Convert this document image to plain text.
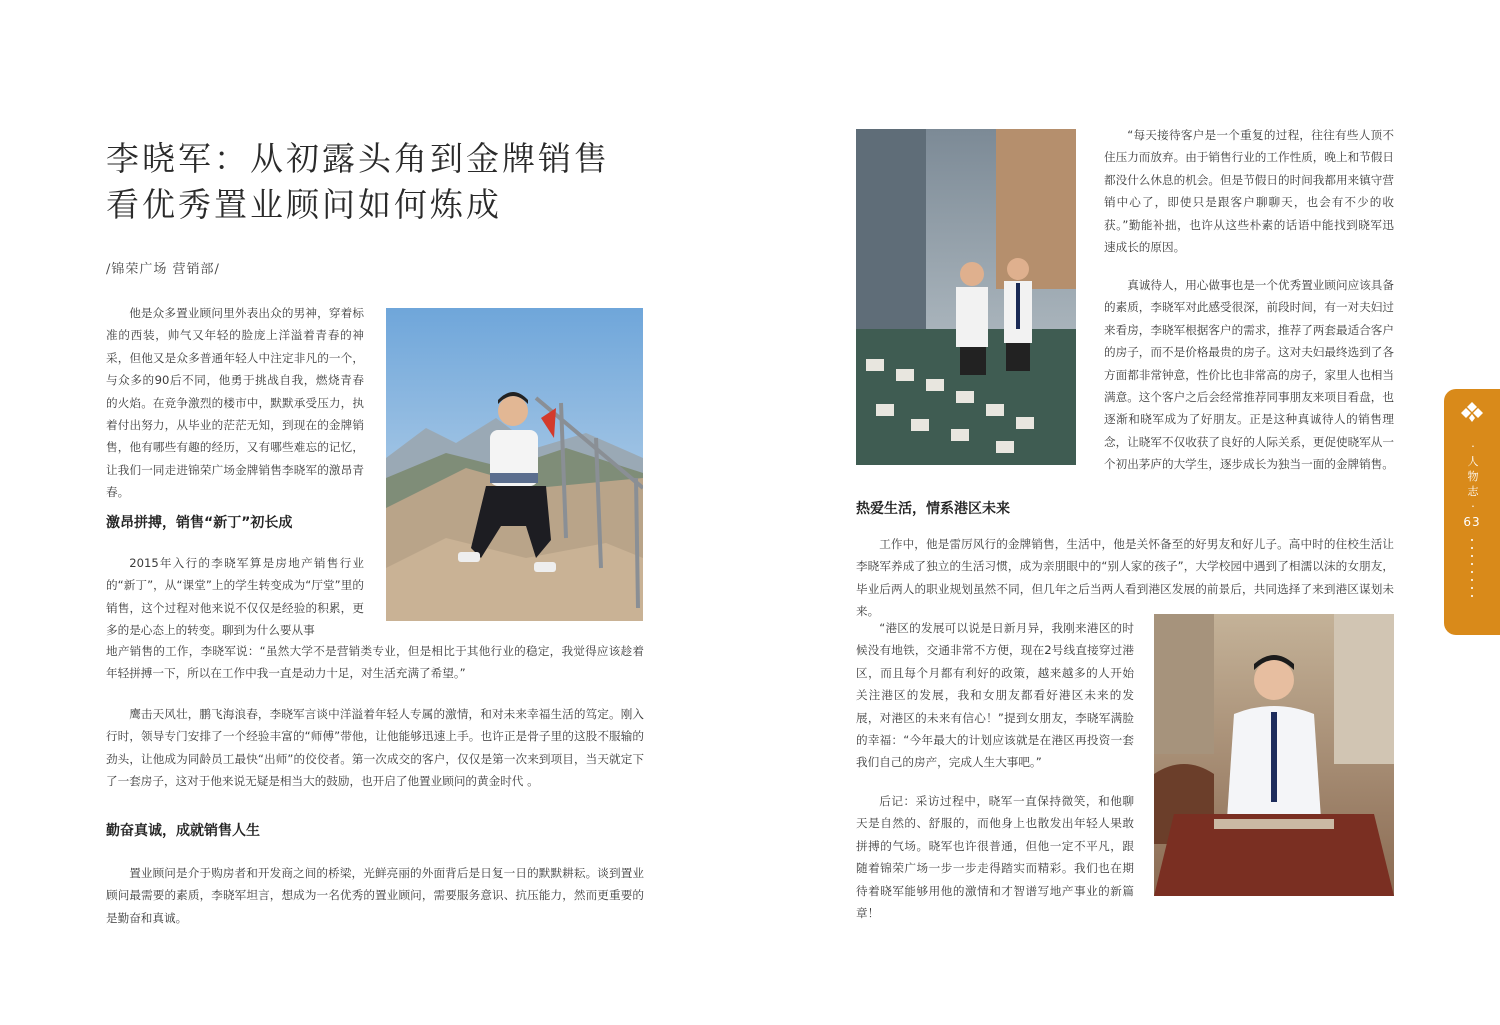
李晓军：从初露头角到金牌销售
看优秀置业顾问如何炼成
/锦荣广场 营销部/

他是众多置业顾问里外表出众的男神，穿着标准的西装，帅气又年轻的脸庞上洋溢着青春的神采，但他又是众多普通年轻人中注定非凡的一个，与众多的90后不同，他勇于挑战自我，燃烧青春的火焰。在竞争激烈的楼市中，默默承受压力，执着付出努力，从毕业的茫茫无知，到现在的金牌销售，他有哪些有趣的经历，又有哪些难忘的记忆，让我们一同走进锦荣广场金牌销售李晓军的激昂青春。

激昂拼搏，销售“新丁”初长成

2015年入行的李晓军算是房地产销售行业的“新丁”，从“课堂”上的学生转变成为“厅堂”里的销售，这个过程对他来说不仅仅是经验的积累，更多的是心态上的转变。聊到为什么要从事

地产销售的工作，李晓军说：“虽然大学不是营销类专业，但是相比于其他行业的稳定，我觉得应该趁着年轻拼搏一下，所以在工作中我一直是动力十足，对生活充满了希望。”

鹰击天风壮，鹏飞海浪春，李晓军言谈中洋溢着年轻人专属的激情，和对未来幸福生活的笃定。刚入行时，领导专门安排了一个经验丰富的“师傅”带他，让他能够迅速上手。也许正是骨子里的这股不服输的劲头，让他成为同龄员工最快“出师”的佼佼者。第一次成交的客户，仅仅是第一次来到项目，当天就定下了一套房子，这对于他来说无疑是相当大的鼓励，也开启了他置业顾问的黄金时代 。

勤奋真诚，成就销售人生

置业顾问是介于购房者和开发商之间的桥梁，光鲜亮丽的外面背后是日复一日的默默耕耘。谈到置业顾问最需要的素质，李晓军坦言，想成为一名优秀的置业顾问，需要服务意识、抗压能力，然而更重要的是勤奋和真诚。

“每天接待客户是一个重复的过程，往往有些人顶不住压力而放弃。由于销售行业的工作性质，晚上和节假日都没什么休息的机会。但是节假日的时间我都用来镇守营销中心了，即使只是跟客户聊聊天，也会有不少的收获。”勤能补拙，也许从这些朴素的话语中能找到晓军迅速成长的原因。

真诚待人，用心做事也是一个优秀置业顾问应该具备的素质，李晓军对此感受很深，前段时间，有一对夫妇过来看房，李晓军根据客户的需求，推荐了两套最适合客户的房子，而不是价格最贵的房子。这对夫妇最终选到了各方面都非常钟意，性价比也非常高的房子，家里人也相当满意。这个客户之后会经常推荐同事朋友来项目看盘，也逐渐和晓军成为了好朋友。正是这种真诚待人的销售理念，让晓军不仅收获了良好的人际关系，更促使晓军从一个初出茅庐的大学生，逐步成长为独当一面的金牌销售。

热爱生活，情系港区未来

工作中，他是雷厉风行的金牌销售，生活中，他是关怀备至的好男友和好儿子。高中时的住校生活让李晓军养成了独立的生活习惯，成为亲朋眼中的“别人家的孩子”，大学校园中遇到了相濡以沫的女朋友，毕业后两人的职业规划虽然不同，但几年之后当两人看到港区发展的前景后，共同选择了来到港区谋划未来。

“港区的发展可以说是日新月异，我刚来港区的时候没有地铁，交通非常不方便，现在2号线直接穿过港区，而且每个月都有利好的政策，越来越多的人开始关注港区的发展，我和女朋友都看好港区未来的发展，对港区的未来有信心！”提到女朋友，李晓军满脸的幸福：“今年最大的计划应该就是在港区再投资一套我们自己的房产，完成人生大事吧。”

后记：采访过程中，晓军一直保持微笑，和他聊天是自然的、舒服的，而他身上也散发出年轻人果敢拼搏的气场。晓军也许很普通，但他一定不平凡，跟随着锦荣广场一步一步走得踏实而精彩。我们也在期待着晓军能够用他的激情和才智谱写地产事业的新篇章！

·人物志·
63
